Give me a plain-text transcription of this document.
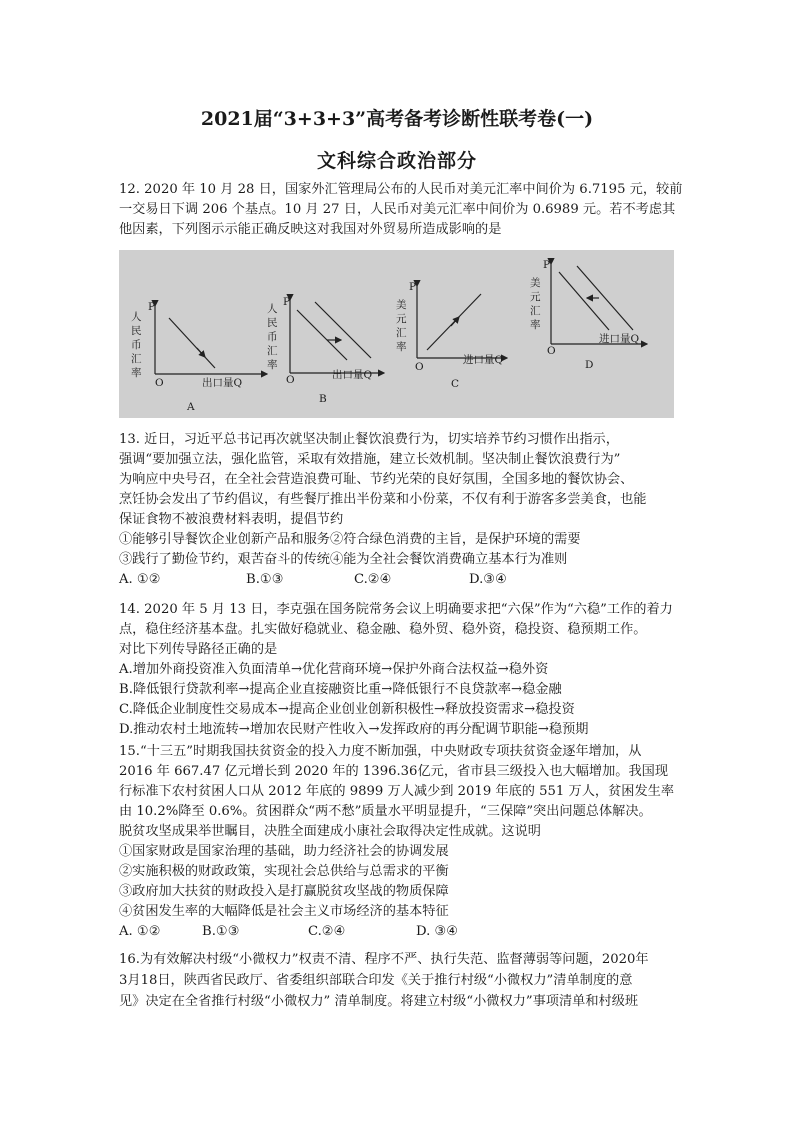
2021届“3+3+3”高考备考诊断性联考卷(一)
文科综合政治部分
12. 2020 年 10 月 28 日，国家外汇管理局公布的人民币对美元汇率中间价为 6.7195 元，较前
一交易日下调 206 个基点。10 月 27 日，人民币对美元汇率中间价为 0.6989 元。若不考虑其
他因素，下列图示示能正确反映这对我国对外贸易所造成影响的是
人
民
币
汇
率
P
O	出口量Q
A
人
民
币
汇
率
P
O	出口量Q
B
美
元
汇
率
P
O
进口量Q
C
美
元
汇
率
P
O
进口量Q
D
13. 近日，习近平总书记再次就坚决制止餐饮浪费行为，切实培养节约习惯作出指示，
强调“要加强立法，强化监管，采取有效措施，建立长效机制。坚决制止餐饮浪费行为”
为响应中央号召，在全社会营造浪费可耻、节约光荣的良好氛围，全国多地的餐饮协会、
烹饪协会发出了节约倡议，有些餐厅推出半份菜和小份菜，不仅有利于游客多尝美食，也能
保证食物不被浪费材料表明，提倡节约
①能够引导餐饮企业创新产品和服务②符合绿色消费的主旨，是保护环境的需要
③践行了勤俭节约，艰苦奋斗的传统④能为全社会餐饮消费确立基本行为准则
A. ①②	B.①③	C.②④	D.③④
14. 2020 年 5 月 13 日，李克强在国务院常务会议上明确要求把“六保”作为“六稳”工作的着力
点，稳住经济基本盘。扎实做好稳就业、稳金融、稳外贸、稳外资，稳投资、稳预期工作。
对比下列传导路径正确的是
A.增加外商投资准入负面清单→优化营商环境→保护外商合法权益→稳外资
B.降低银行贷款利率→提高企业直接融资比重→降低银行不良贷款率→稳金融
C.降低企业制度性交易成本→提高企业创业创新积极性→释放投资需求→稳投资
D.推动农村土地流转→增加农民财产性收入→发挥政府的再分配调节职能→稳预期
15.“十三五”时期我国扶贫资金的投入力度不断加强，中央财政专项扶贫资金逐年增加，从
2016 年 667.47 亿元增长到 2020 年的 1396.36亿元，省市县三级投入也大幅增加。我国现
行标准下农村贫困人口从 2012 年底的 9899 万人减少到 2019 年底的 551 万人，贫困发生率
由 10.2%降至 0.6%。贫困群众“两不愁”质量水平明显提升，“三保障”突出问题总体解决。
脱贫攻坚成果举世瞩目，决胜全面建成小康社会取得决定性成就。这说明
①国家财政是国家治理的基础，助力经济社会的协调发展
②实施积极的财政政策，实现社会总供给与总需求的平衡
③政府加大扶贫的财政投入是打赢脱贫攻坚战的物质保障
④贫困发生率的大幅降低是社会主义市场经济的基本特征
A. ①②	B.①③	C.②④	D. ③④
16.为有效解决村级“小微权力”权责不清、程序不严、执行失范、监督薄弱等问题，2020年
3月18日，陕西省民政厅、省委组织部联合印发《关于推行村级“小微权力”清单制度的意
见》决定在全省推行村级“小微权力” 清单制度。将建立村级“小微权力”事项清单和村级班
